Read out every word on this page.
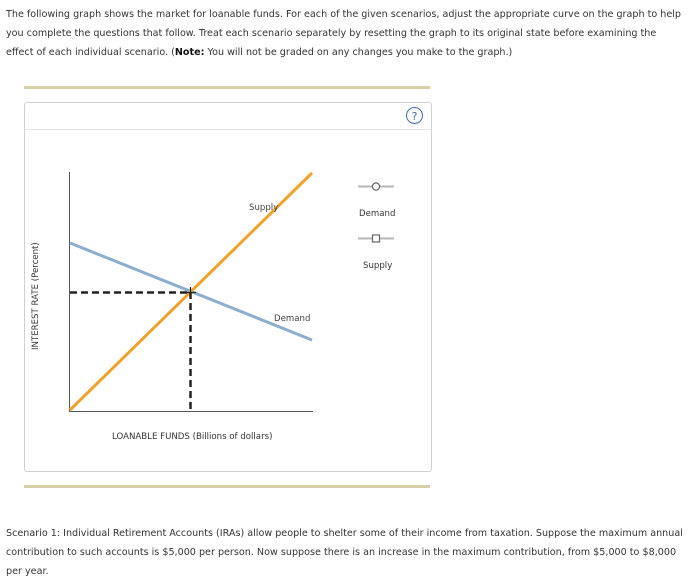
The following graph shows the market for loanable funds. For each of the given scenarios, adjust the appropriate curve on the graph to help you complete the questions that follow. Treat each scenario separately by resetting the graph to its original state before examining the effect of each individual scenario. (Note: You will not be graded on any changes you make to the graph.)
?
INTEREST RATE (Percent)
LOANABLE FUNDS (Billions of dollars)
Supply
Demand
Demand
Supply
Scenario 1: Individual Retirement Accounts (IRAs) allow people to shelter some of their income from taxation. Suppose the maximum annual contribution to such accounts is $5,000 per person. Now suppose there is an increase in the maximum contribution, from $5,000 to $8,000 per year.
